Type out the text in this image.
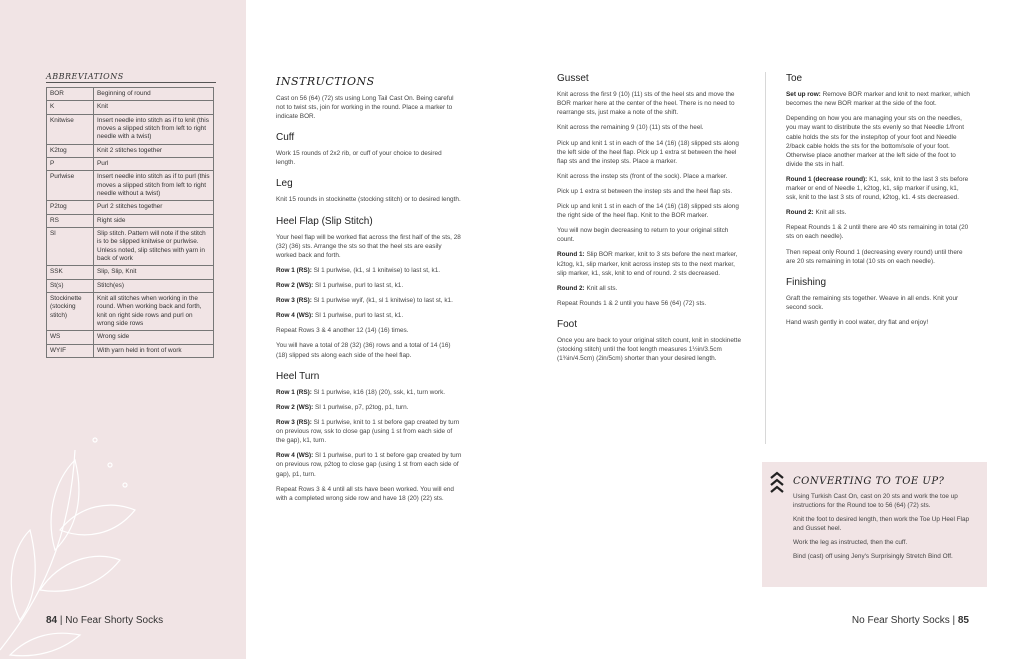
ABBREVIATIONS
BOR	Beginning of round
K	Knit
Knitwise	Insert needle into stitch as if to knit (this moves a slipped stitch from left to right needle with a twist)
K2tog	Knit 2 stitches together
P	Purl
Purlwise	Insert needle into stitch as if to purl (this moves a slipped stitch from left to right needle without a twist)
P2tog	Purl 2 stitches together
RS	Right side
Sl	Slip stitch. Pattern will note if the stitch is to be slipped knitwise or purlwise. Unless noted, slip stitches with yarn in back of work
SSK	Slip, Slip, Knit
St(s)	Stitch(es)
Stockinette (stocking stitch)	Knit all stitches when working in the round. When working back and forth, knit on right side rows and purl on wrong side rows
WS	Wrong side
WYIF	With yarn held in front of work
84 | No Fear Shorty Socks
INSTRUCTIONS

Cast on 56 (64) (72) sts using Long Tail Cast On. Being careful not to twist sts, join for working in the round. Place a marker to indicate BOR.

Cuff

Work 15 rounds of 2x2 rib, or cuff of your choice to desired length.

Leg

Knit 15 rounds in stockinette (stocking stitch) or to desired length.

Heel Flap (Slip Stitch)

Your heel flap will be worked flat across the first half of the sts, 28 (32) (36) sts. Arrange the sts so that the heel sts are easily worked back and forth.

Row 1 (RS): Sl 1 purlwise, (k1, sl 1 knitwise) to last st, k1.

Row 2 (WS): Sl 1 purlwise, purl to last st, k1.

Row 3 (RS): Sl 1 purlwise wyif, (k1, sl 1 knitwise) to last st, k1.

Row 4 (WS): Sl 1 purlwise, purl to last st, k1.

Repeat Rows 3 & 4 another 12 (14) (16) times.

You will have a total of 28 (32) (36) rows and a total of 14 (16) (18) slipped sts along each side of the heel flap.

Heel Turn

Row 1 (RS): Sl 1 purlwise, k16 (18) (20), ssk, k1, turn work.

Row 2 (WS): Sl 1 purlwise, p7, p2tog, p1, turn.

Row 3 (RS): Sl 1 purlwise, knit to 1 st before gap created by turn on previous row, ssk to close gap (using 1 st from each side of the gap), k1, turn.

Row 4 (WS): Sl 1 purlwise, purl to 1 st before gap created by turn on previous row, p2tog to close gap (using 1 st from each side of gap), p1, turn.

Repeat Rows 3 & 4 until all sts have been worked. You will end with a completed wrong side row and have 18 (20) (22) sts.

Gusset

Knit across the first 9 (10) (11) sts of the heel sts and move the BOR marker here at the center of the heel. There is no need to rearrange sts, just make a note of the shift.

Knit across the remaining 9 (10) (11) sts of the heel.

Pick up and knit 1 st in each of the 14 (16) (18) slipped sts along the left side of the heel flap. Pick up 1 extra st between the heel flap sts and the instep sts. Place a marker.

Knit across the instep sts (front of the sock). Place a marker.

Pick up 1 extra st between the instep sts and the heel flap sts.

Pick up and knit 1 st in each of the 14 (16) (18) slipped sts along the right side of the heel flap. Knit to the BOR marker.

You will now begin decreasing to return to your original stitch count.

Round 1: Slip BOR marker, knit to 3 sts before the next marker, k2tog, k1, slip marker, knit across instep sts to the next marker, slip marker, k1, ssk, knit to end of round. 2 sts decreased.

Round 2: Knit all sts.

Repeat Rounds 1 & 2 until you have 56 (64) (72) sts.

Foot

Once you are back to your original stitch count, knit in stockinette (stocking stitch) until the foot length measures 1½in/3.5cm (1¾in/4.5cm) (2in/5cm) shorter than your desired length.

Toe

Set up row: Remove BOR marker and knit to next marker, which becomes the new BOR marker at the side of the foot.

Depending on how you are managing your sts on the needles, you may want to distribute the sts evenly so that Needle 1/front cable holds the sts for the instep/top of your foot and Needle 2/back cable holds the sts for the bottom/sole of your foot. Otherwise place another marker at the left side of the foot to divide the sts in half.

Round 1 (decrease round): K1, ssk, knit to the last 3 sts before marker or end of Needle 1, k2tog, k1, slip marker if using, k1, ssk, knit to the last 3 sts of round, k2tog, k1. 4 sts decreased.

Round 2: Knit all sts.

Repeat Rounds 1 & 2 until there are 40 sts remaining in total (20 sts on each needle).

Then repeat only Round 1 (decreasing every round) until there are 20 sts remaining in total (10 sts on each needle).

Finishing

Graft the remaining sts together. Weave in all ends. Knit your second sock.

Hand wash gently in cool water, dry flat and enjoy!

CONVERTING TO TOE UP?

Using Turkish Cast On, cast on 20 sts and work the toe up instructions for the Round toe to 56 (64) (72) sts.

Knit the foot to desired length, then work the Toe Up Heel Flap and Gusset heel.

Work the leg as instructed, then the cuff.

Bind (cast) off using Jeny's Surprisingly Stretch Bind Off.

No Fear Shorty Socks | 85
